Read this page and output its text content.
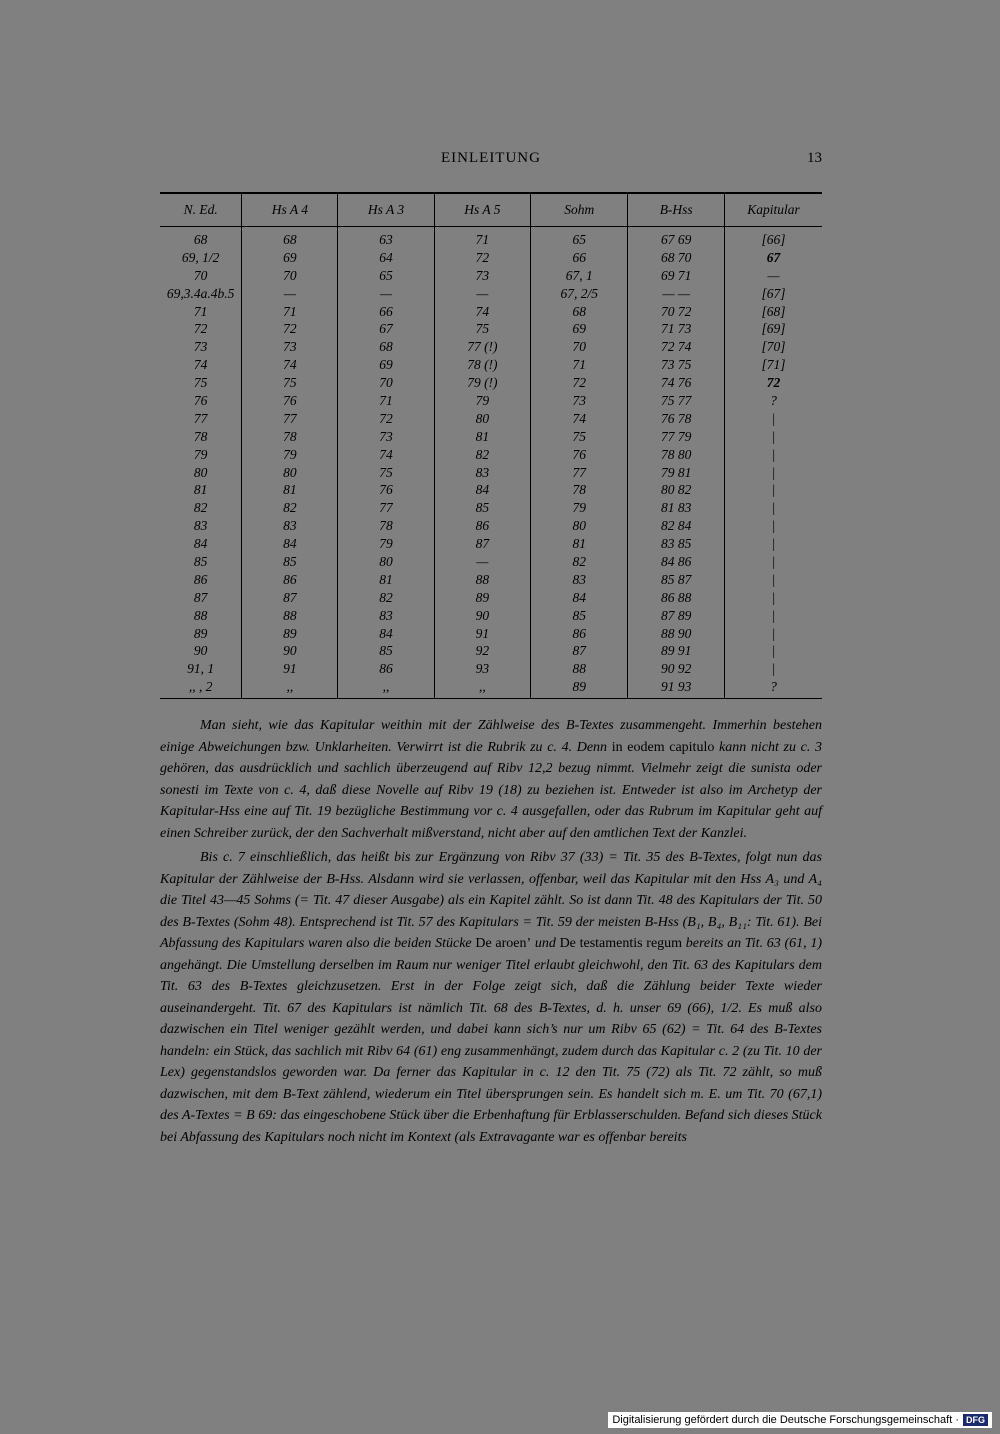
EINLEITUNG	13
N. Ed.	Hs A 4	Hs A 3	Hs A 5	Sohm	B-Hss	Kapitular
68	68	63	71	65	67 69	[66]
69, 1/2	69	64	72	66	68 70	67
70	70	65	73	67, 1	69 71	—
69,3.4a.4b.5	—	—	—	67, 2/5	— —	[67]
71	71	66	74	68	70 72	[68]
72	72	67	75	69	71 73	[69]
73	73	68	77 (!)	70	72 74	[70]
74	74	69	78 (!)	71	73 75	[71]
75	75	70	79 (!)	72	74 76	72
76	76	71	79	73	75 77	?
77	77	72	80	74	76 78	|
78	78	73	81	75	77 79	|
79	79	74	82	76	78 80	|
80	80	75	83	77	79 81	|
81	81	76	84	78	80 82	|
82	82	77	85	79	81 83	|
83	83	78	86	80	82 84	|
84	84	79	87	81	83 85	|
85	85	80	—	82	84 86	|
86	86	81	88	83	85 87	|
87	87	82	89	84	86 88	|
88	88	83	90	85	87 89	|
89	89	84	91	86	88 90	|
90	90	85	92	87	89 91	|
91, 1	91	86	93	88	90 92	|
,, , 2	,,	,,	,,	89	91 93	?

Man sieht, wie das Kapitular weithin mit der Zählweise des B-Textes zusammengeht. Immerhin bestehen einige Abweichungen bzw. Unklarheiten. Verwirrt ist die Rubrik zu c. 4. Denn in eodem capitulo kann nicht zu c. 3 gehören, das ausdrücklich und sachlich überzeugend auf Ribv 12,2 bezug nimmt. Vielmehr zeigt die sunista oder sonesti im Texte von c. 4, daß diese Novelle auf Ribv 19 (18) zu beziehen ist. Entweder ist also im Archetyp der Kapitular-Hss eine auf Tit. 19 bezügliche Bestimmung vor c. 4 ausgefallen, oder das Rubrum im Kapitular geht auf einen Schreiber zurück, der den Sachverhalt mißverstand, nicht aber auf den amtlichen Text der Kanzlei.

Bis c. 7 einschließlich, das heißt bis zur Ergänzung von Ribv 37 (33) = Tit. 35 des B-Textes, folgt nun das Kapitular der Zählweise der B-Hss. Alsdann wird sie verlassen, offenbar, weil das Kapitular mit den Hss A₃ und A₄ die Titel 43—45 Sohms (= Tit. 47 dieser Ausgabe) als ein Kapitel zählt. So ist dann Tit. 48 des Kapitulars der Tit. 50 des B-Textes (Sohm 48). Entsprechend ist Tit. 57 des Kapitulars = Tit. 59 der meisten B-Hss (B₁, B₄, B₁₁: Tit. 61). Bei Abfassung des Kapitulars waren also die beiden Stücke De aroen’ und De testamentis regum bereits an Tit. 63 (61, 1) angehängt. Die Umstellung derselben im Raum nur weniger Titel erlaubt gleichwohl, den Tit. 63 des Kapitulars dem Tit. 63 des B-Textes gleichzusetzen. Erst in der Folge zeigt sich, daß die Zählung beider Texte wieder auseinandergeht. Tit. 67 des Kapitulars ist nämlich Tit. 68 des B-Textes, d. h. unser 69 (66), 1/2. Es muß also dazwischen ein Titel weniger gezählt werden, und dabei kann sich’s nur um Ribv 65 (62) = Tit. 64 des B-Textes handeln: ein Stück, das sachlich mit Ribv 64 (61) eng zusammenhängt, zudem durch das Kapitular c. 2 (zu Tit. 10 der Lex) gegenstandslos geworden war. Da ferner das Kapitular in c. 12 den Tit. 75 (72) als Tit. 72 zählt, so muß dazwischen, mit dem B-Text zählend, wiederum ein Titel übersprungen sein. Es handelt sich m. E. um Tit. 70 (67,1) des A-Textes = B 69: das eingeschobene Stück über die Erbenhaftung für Erblasserschulden. Befand sich dieses Stück bei Abfassung des Kapitulars noch nicht im Kontext (als Extravagante war es offenbar bereits

Digitalisierung gefördert durch die Deutsche Forschungsgemeinschaft · DFG
